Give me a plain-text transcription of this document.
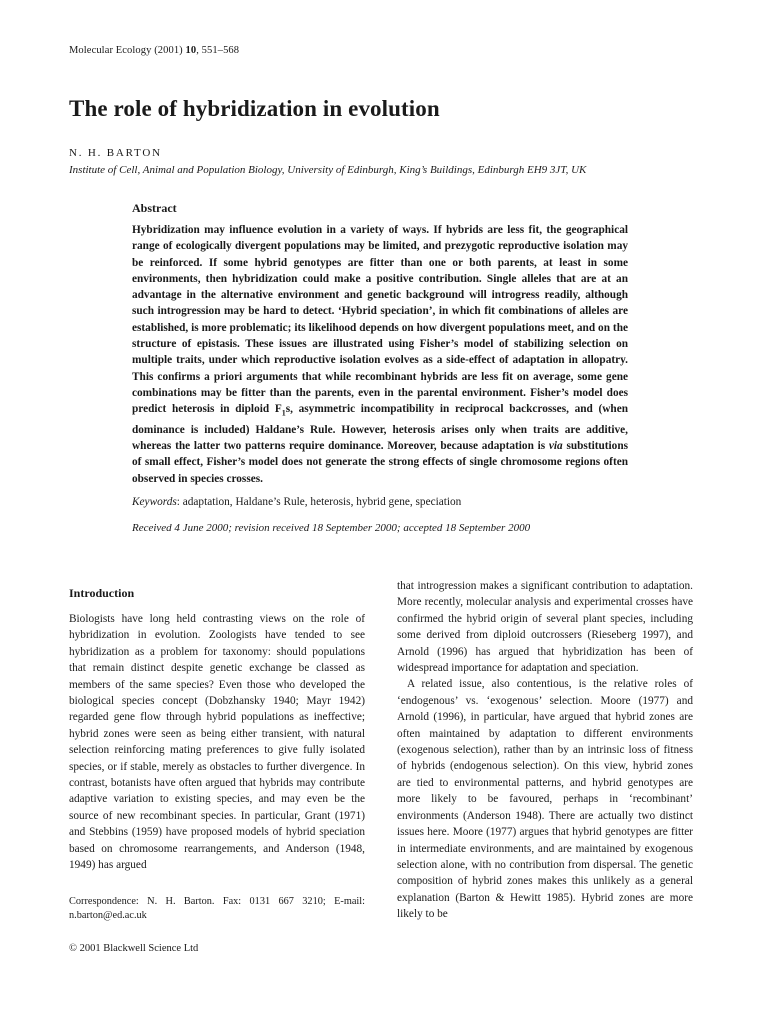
Molecular Ecology (2001) 10, 551–568
The role of hybridization in evolution
N. H. BARTON
Institute of Cell, Animal and Population Biology, University of Edinburgh, King’s Buildings, Edinburgh EH9 3JT, UK
Abstract

Hybridization may influence evolution in a variety of ways. If hybrids are less fit, the geographical range of ecologically divergent populations may be limited, and prezygotic reproductive isolation may be reinforced. If some hybrid genotypes are fitter than one or both parents, at least in some environments, then hybridization could make a positive contribution. Single alleles that are at an advantage in the alternative environment and genetic background will introgress readily, although such introgression may be hard to detect. ‘Hybrid speciation’, in which fit combinations of alleles are established, is more problematic; its likelihood depends on how divergent populations meet, and on the structure of epistasis. These issues are illustrated using Fisher’s model of stabilizing selection on multiple traits, under which reproductive isolation evolves as a side-effect of adaptation in allopatry. This confirms a priori arguments that while recombinant hybrids are less fit on average, some gene combinations may be fitter than the parents, even in the parental environment. Fisher’s model does predict heterosis in diploid $F_1s$, asymmetric incompatibility in reciprocal backcrosses, and (when dominance is included) Haldane’s Rule. However, heterosis arises only when traits are additive, whereas the latter two patterns require dominance. Moreover, because adaptation is via substitutions of small effect, Fisher’s model does not generate the strong effects of single chromosome regions often observed in species crosses.

Keywords: adaptation, Haldane’s Rule, heterosis, hybrid gene, speciation
Received 4 June 2000; revision received 18 September 2000; accepted 18 September 2000
Introduction

Biologists have long held contrasting views on the role of hybridization in evolution. Zoologists have tended to see hybridization as a problem for taxonomy: should populations that remain distinct despite genetic exchange be classed as members of the same species? Even those who developed the biological species concept (Dobzhansky 1940; Mayr 1942) regarded gene flow through hybrid populations as ineffective; hybrid zones were seen as being either transient, with natural selection reinforcing mating preferences to give fully isolated species, or if stable, merely as obstacles to further divergence. In contrast, botanists have often argued that hybrids may contribute adaptive variation to existing species, and may even be the source of new recombinant species. In particular, Grant (1971) and Stebbins (1959) have proposed models of hybrid speciation based on chromosome rearrangements, and Anderson (1948, 1949) has argued

that introgression makes a significant contribution to adaptation. More recently, molecular analysis and experimental crosses have confirmed the hybrid origin of several plant species, including some derived from diploid outcrossers (Rieseberg 1997), and Arnold (1996) has argued that hybridization has been of widespread importance for adaptation and speciation.

A related issue, also contentious, is the relative roles of ‘endogenous’ vs. ‘exogenous’ selection. Moore (1977) and Arnold (1996), in particular, have argued that hybrid zones are often maintained by adaptation to different environments (exogenous selection), rather than by an intrinsic loss of fitness of hybrids (endogenous selection). On this view, hybrid zones are tied to environmental patterns, and hybrid genotypes are more likely to be favoured, perhaps in ‘recombinant’ environments (Anderson 1948). There are actually two distinct issues here. Moore (1977) argues that hybrid genotypes are fitter in intermediate environments, and are maintained by exogenous selection alone, with no contribution from dispersal. The genetic composition of hybrid zones makes this unlikely as a general explanation (Barton & Hewitt 1985). Hybrid zones are more likely to be

Correspondence: N. H. Barton. Fax: 0131 667 3210; E-mail: n.barton@ed.ac.uk
© 2001 Blackwell Science Ltd
